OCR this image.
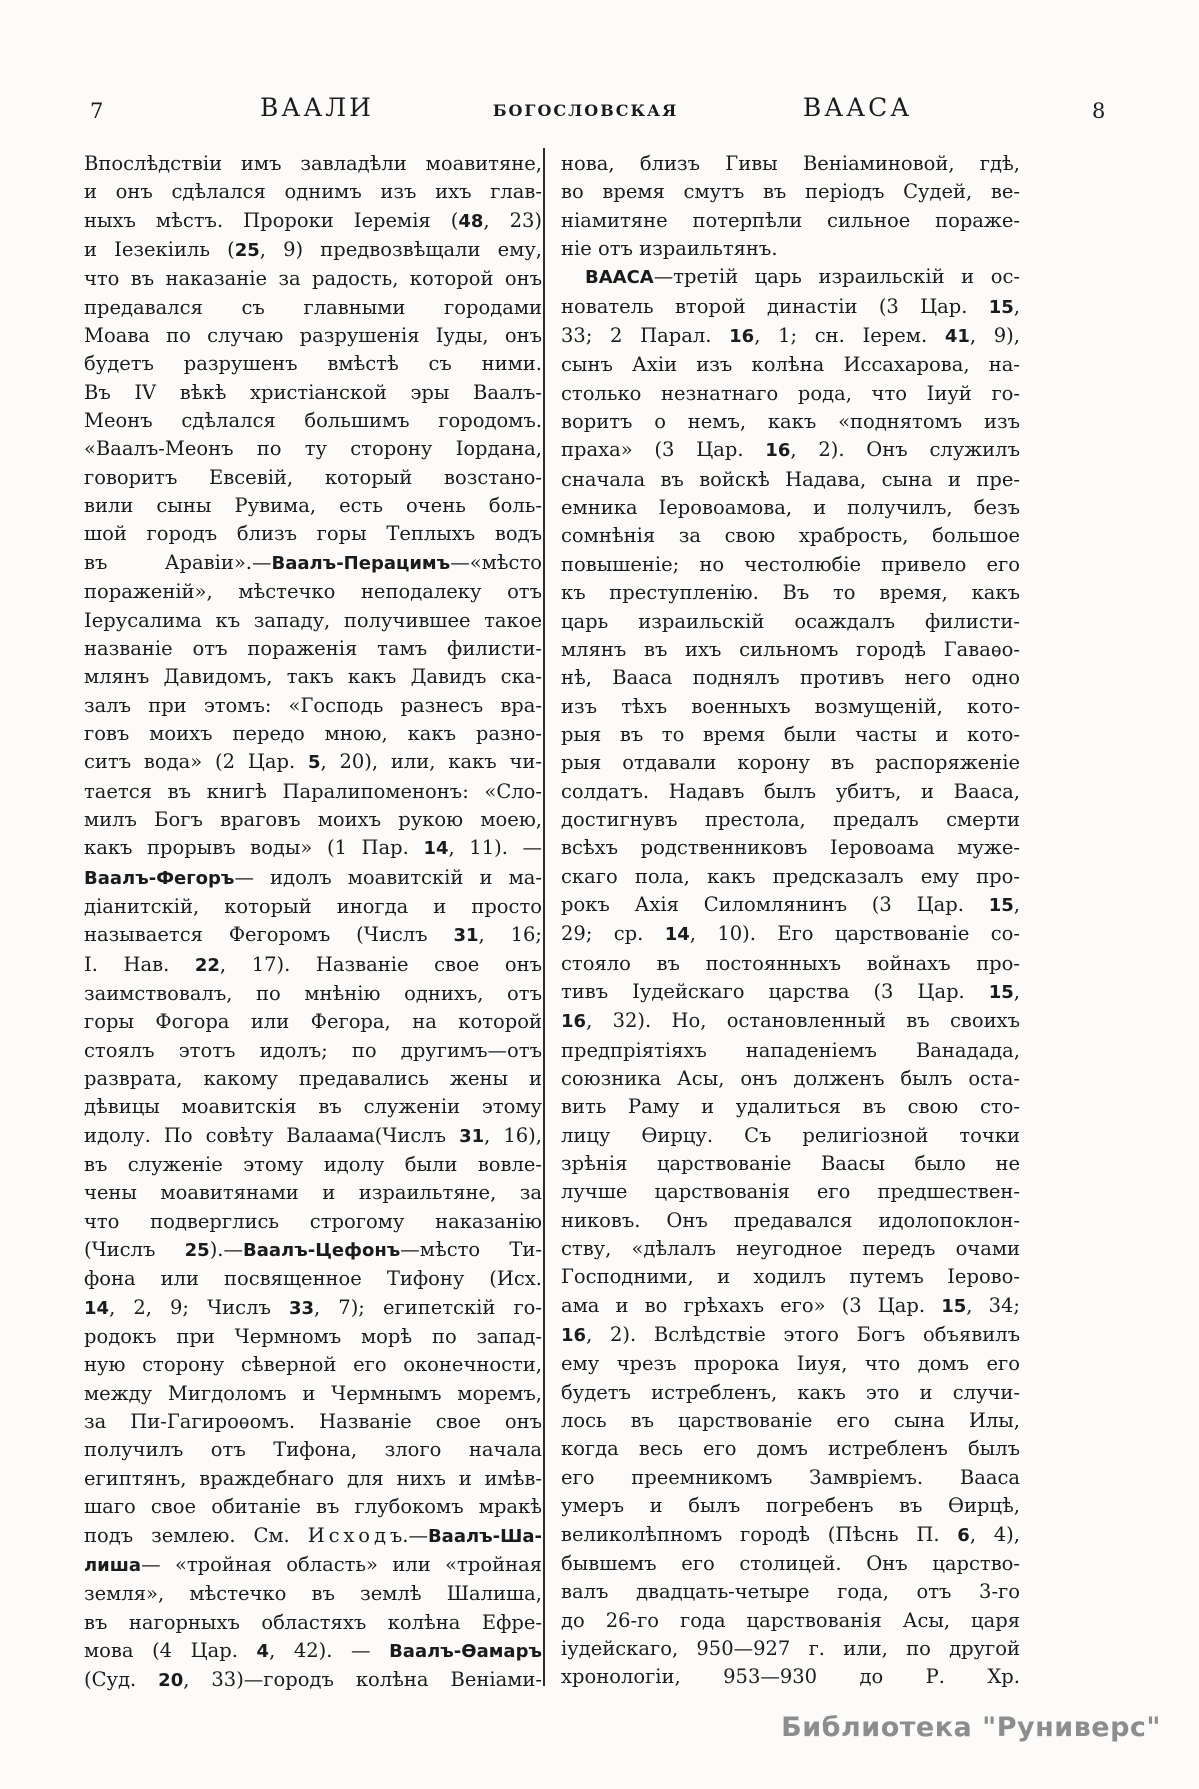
7	ВААЛИ	БОГОСЛОВСКАЯ	ВААСА	8
Впослѣдствіи имъ завладѣли моавитяне,
и онъ сдѣлался однимъ изъ ихъ глав-
ныхъ мѣстъ. Пророки Іеремія (48, 23)
и Іезекіиль (25, 9) предвозвѣщали ему,
что въ наказаніе за радость, которой онъ
предавался съ главными городами
Моава по случаю разрушенія Іуды, онъ
будетъ разрушенъ вмѣстѣ съ ними.
Въ IV вѣкѣ христіанской эры Ваалъ-
Меонъ сдѣлался большимъ городомъ.
«Ваалъ-Меонъ по ту сторону Іордана,
говоритъ Евсевій, который возстано-
вили сыны Рувима, есть очень боль-
шой городъ близъ горы Теплыхъ водъ
въ Аравіи».—Ваалъ-Перацимъ—«мѣсто
пораженій», мѣстечко неподалеку отъ
Іерусалима къ западу, получившее такое
названіе отъ пораженія тамъ филисти-
млянъ Давидомъ, такъ какъ Давидъ ска-
залъ при этомъ: «Господь разнесъ вра-
говъ моихъ передо мною, какъ разно-
ситъ вода» (2 Цар. 5, 20), или, какъ чи-
тается въ книгѣ Паралипоменонъ: «Сло-
милъ Богъ враговъ моихъ рукою моею,
какъ прорывъ воды» (1 Пар. 14, 11). —
Ваалъ-Фегоръ— идолъ моавитскій и ма-
діанитскій, который иногда и просто
называется Фегоромъ (Числъ 31, 16;
І. Нав. 22, 17). Названіе свое онъ
заимствовалъ, по мнѣнію однихъ, отъ
горы Фогора или Фегора, на которой
стоялъ этотъ идолъ; по другимъ—отъ
разврата, какому предавались жены и
дѣвицы моавитскія въ служеніи этому
идолу. По совѣту Валаама(Числъ 31, 16),
въ служеніе этому идолу были вовле-
чены моавитянами и израильтяне, за
что подверглись строгому наказанію
(Числъ 25).—Ваалъ-Цефонъ—мѣсто Ти-
фона или посвященное Тифону (Исх.
14, 2, 9; Числъ 33, 7); египетскій го-
родокъ при Чермномъ морѣ по запад-
ную сторону сѣверной его оконечности,
между Мигдоломъ и Чермнымъ моремъ,
за Пи-Гагироѳомъ. Названіе свое онъ
получилъ отъ Тифона, злого начала
египтянъ, враждебнаго для нихъ и имѣв-
шаго свое обитаніе въ глубокомъ мракѣ
подъ землею. См. И с х о д ъ.—Ваалъ-Ша-
лиша— «тройная область» или «тройная
земля», мѣстечко въ землѣ Шалиша,
въ нагорныхъ областяхъ колѣна Ефре-
мова (4 Цар. 4, 42). — Ваалъ-Ѳамаръ
(Суд. 20, 33)—городъ колѣна Веніами-
нова, близъ Гивы Веніаминовой, гдѣ,
во время смутъ въ періодъ Судей, ве-
ніамитяне потерпѣли сильное пораже-
ніе отъ израильтянъ.
ВААСА—третій царь израильскій и ос-
нователь второй династіи (3 Цар. 15,
33; 2 Парал. 16, 1; сн. Іерем. 41, 9),
сынъ Ахіи изъ колѣна Иссахарова, на-
столько незнатнаго рода, что Іиуй го-
воритъ о немъ, какъ «поднятомъ изъ
праха» (3 Цар. 16, 2). Онъ служилъ
сначала въ войскѣ Надава, сына и пре-
емника Іеровоамова, и получилъ, безъ
сомнѣнія за свою храбрость, большое
повышеніе; но честолюбіе привело его
къ преступленію. Въ то время, какъ
царь израильскій осаждалъ филисти-
млянъ въ ихъ сильномъ городѣ Гаваѳо-
нѣ, Вааса поднялъ противъ него одно
изъ тѣхъ военныхъ возмущеній, кото-
рыя въ то время были часты и кото-
рыя отдавали корону въ распоряженіе
солдатъ. Надавъ былъ убитъ, и Вааса,
достигнувъ престола, предалъ смерти
всѣхъ родственниковъ Іеровоама муже-
скаго пола, какъ предсказалъ ему про-
рокъ Ахія Силомлянинъ (3 Цар. 15,
29; ср. 14, 10). Его царствованіе со-
стояло въ постоянныхъ войнахъ про-
тивъ Іудейскаго царства (3 Цар. 15,
16, 32). Но, остановленный въ своихъ
предпріятіяхъ нападеніемъ Ванадада,
союзника Асы, онъ долженъ былъ оста-
вить Раму и удалиться въ свою сто-
лицу Ѳирцу. Съ религіозной точки
зрѣнія царствованіе Ваасы было не
лучше царствованія его предшествен-
никовъ. Онъ предавался идолопоклон-
ству, «дѣлалъ неугодное передъ очами
Господними, и ходилъ путемъ Іерово-
ама и во грѣхахъ его» (3 Цар. 15, 34;
16, 2). Вслѣдствіе этого Богъ объявилъ
ему чрезъ пророка Іиуя, что домъ его
будетъ истребленъ, какъ это и случи-
лось въ царствованіе его сына Илы,
когда весь его домъ истребленъ былъ
его преемникомъ Замвріемъ. Вааса
умеръ и былъ погребенъ въ Ѳирцѣ,
великолѣпномъ городѣ (Пѣснь П. 6, 4),
бывшемъ его столицей. Онъ царство-
валъ двадцать-четыре года, отъ 3-го
до 26-го года царствованія Асы, царя
іудейскаго, 950—927 г. или, по другой
хронологіи, 953—930 до Р. Хр.
Библиотека "Руниверс"
